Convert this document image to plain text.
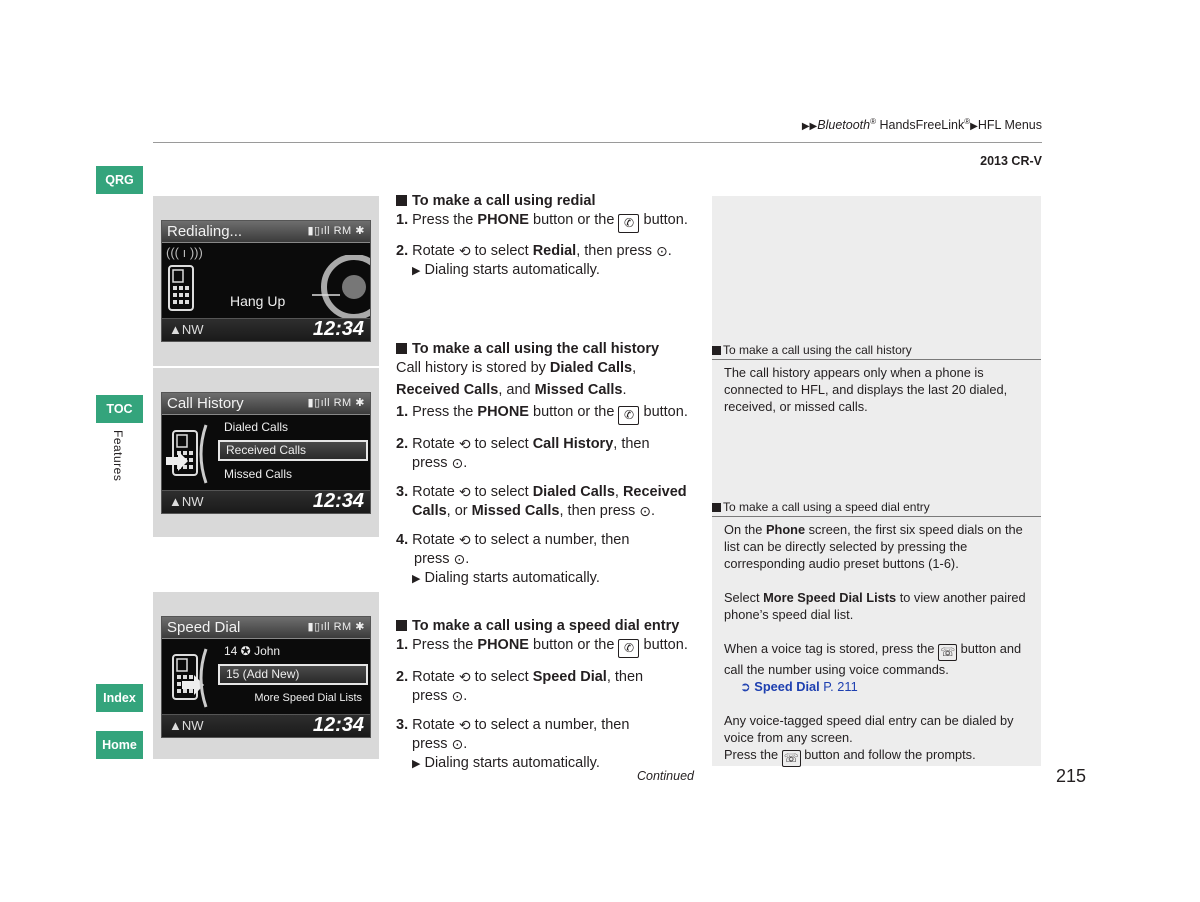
▶▶Bluetooth® HandsFreeLink®▶HFL Menus
2013 CR-V
QRG
TOC
Features
Index
Home
Redialing...	▮▯ıll RM ✱
((( ı )))
Hang Up
▲NW	12:34
Call History	▮▯ıll RM ✱
Dialed Calls
Received Calls
Missed Calls
▲NW	12:34
Speed Dial	▮▯ıll RM ✱
14 ✪ John
15 (Add New)
More Speed Dial Lists
▲NW	12:34
To make a call using redial
1. Press the PHONE button or the ✆ button.
2. Rotate ⟲ to select Redial, then press ⊙.
▶ Dialing starts automatically.
To make a call using the call history
Call history is stored by Dialed Calls,
Received Calls, and Missed Calls.
1. Press the PHONE button or the ✆ button.
2. Rotate ⟲ to select Call History, then
press ⊙.
3. Rotate ⟲ to select Dialed Calls, Received
Calls, or Missed Calls, then press ⊙.
4. Rotate ⟲ to select a number, then
press ⊙.
▶ Dialing starts automatically.
To make a call using a speed dial entry
1. Press the PHONE button or the ✆ button.
2. Rotate ⟲ to select Speed Dial, then
press ⊙.
3. Rotate ⟲ to select a number, then
press ⊙.
▶ Dialing starts automatically.
Continued
To make a call using the call history
The call history appears only when a phone is connected to HFL, and displays the last 20 dialed, received, or missed calls.
To make a call using a speed dial entry
On the Phone screen, the first six speed dials on the list can be directly selected by pressing the corresponding audio preset buttons (1-6).
Select More Speed Dial Lists to view another paired phone’s speed dial list.
When a voice tag is stored, press the ☏ button and call the number using voice commands.
➲ Speed Dial P. 211
Any voice-tagged speed dial entry can be dialed by voice from any screen.
Press the ☏ button and follow the prompts.
215
